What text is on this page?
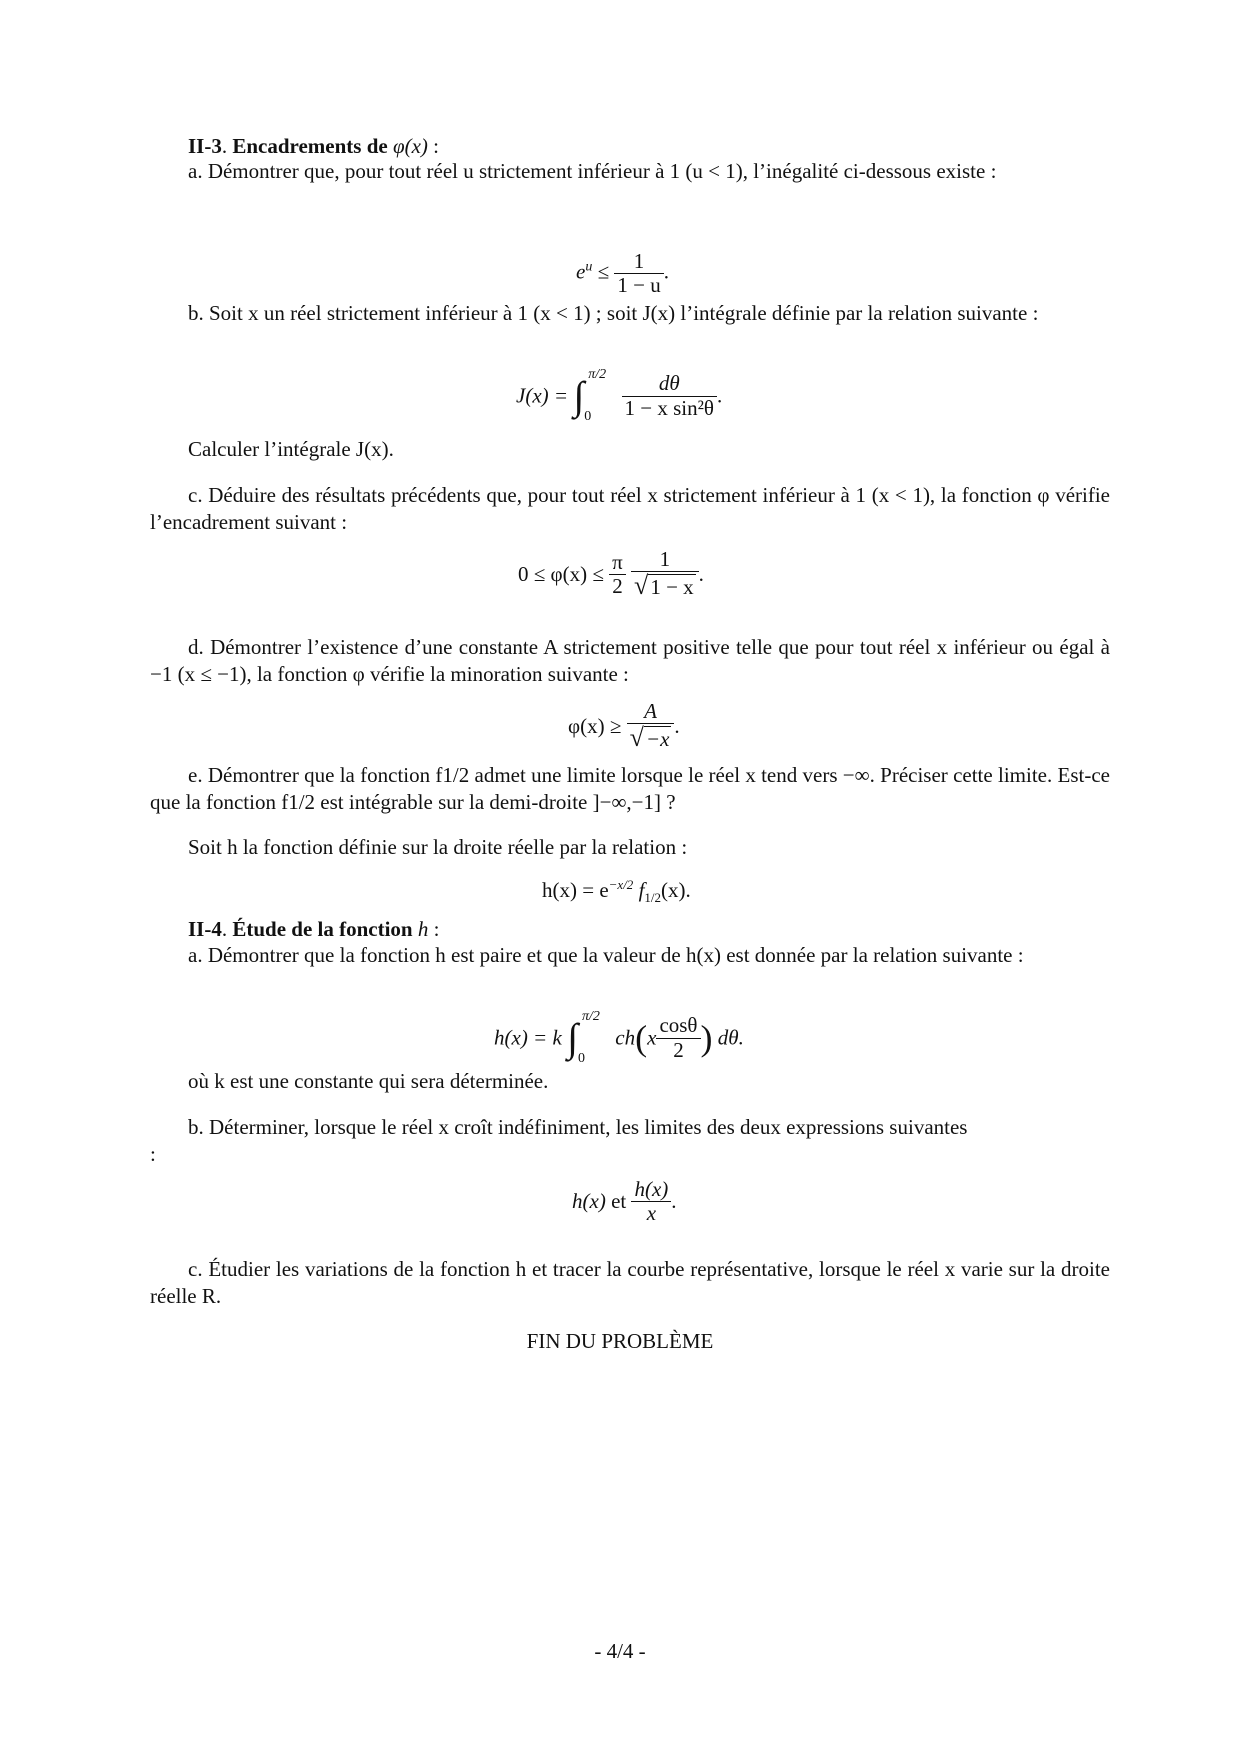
II-3. Encadrements de φ(x) :

a. Démontrer que, pour tout réel u strictement inférieur à 1 (u < 1), l’inégalité ci-dessous existe :

$e^u \le \frac{1}{1 - u}$ .

b. Soit x un réel strictement inférieur à 1 (x < 1) ; soit J(x) l’intégrale définie par la relation suivante :

J(x) = ∫ π/2
0
$\frac{d\theta}{\text{1 − x sin²θ}}$ .
Calculer l’intégrale J(x).

c. Déduire des résultats précédents que, pour tout réel x strictement inférieur à 1 (x < 1), la fonction φ vérifie l’encadrement suivant :

$0 \le \varphi(x) \le \frac{\pi}{2}$
$\frac{1}{√1 - x}$ .

d. Démontrer l’existence d’une constante A strictement positive telle que pour tout réel x inférieur ou égal à −1 (x ≤ −1), la fonction φ vérifie la minoration suivante :

$\varphi(x) \ge \frac{A}{√-x}$ .

e. Démontrer que la fonction f1/2 admet une limite lorsque le réel x tend vers −∞. Préciser cette limite. Est-ce que la fonction f1/2 est intégrable sur la demi-droite ]−∞,−1] ?

Soit h la fonction définie sur la droite réelle par la relation :
$h(x) = e^{-x/2}$ $f_{1/2}(x)$.
II-4. Étude de la fonction h :

a. Démontrer que la fonction h est paire et que la valeur de h(x) est donnée par la relation suivante :

h(x) = k ∫ π/2
0
$ch(x \frac{\cos\theta}{2}$ ) dθ.
où k est une constante qui sera déterminée.
b. Déterminer, lorsque le réel x croît indéfiniment, les limites des deux expressions suivantes
:
h(x) et $\frac{h(x)}{x}$ .

c. Étudier les variations de la fonction h et tracer la courbe représentative, lorsque le réel x varie sur la droite réelle R.

FIN DU PROBLÈME
- 4/4 -
